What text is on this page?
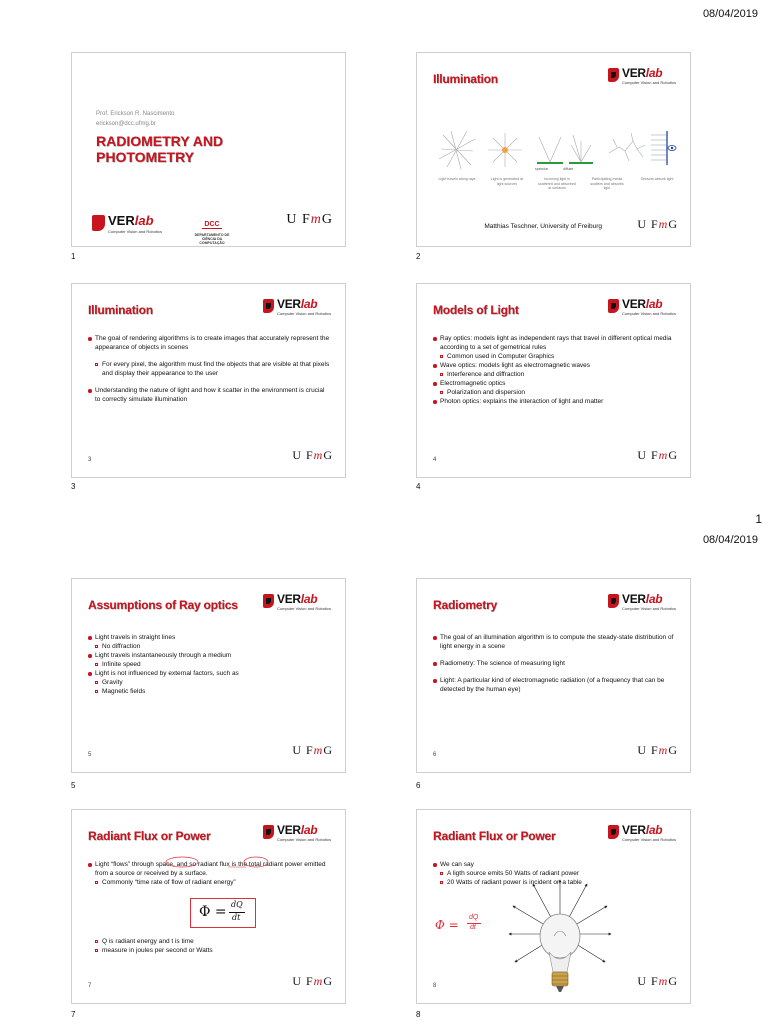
08/04/2019
Prof. Erickson R. Nascimento
erickson@dcc.ufmg.br
RADIOMETRY AND
PHOTOMETRY
VERlab
Computer Vision and Robotics
DCC
DEPARTAMENTO DE
CIÊNCIA DA COMPUTAÇÃO
U FmG
1
Illumination	VERlab
Computer Vision and Robotics
specular	diffuse
Light travels along rays	Light is generated at light sources
Incoming light is scattered and absorbed at surfaces
Participating media scatters and absorbs light
Sensors absorb light
Matthias Teschner, University of Freiburg	U FmG
2
Illumination	VERlab
Computer Vision and Robotics
The goal of rendering algorithms is to create images that accurately represent the appearance of objects in scenes
For every pixel, the algorithm must find the objects that are visible at that pixels and display their appearance to the user
Understanding the nature of light and how it scatter in the environment is crucial to correctly simulate illumination
3	U FmG
3
Models of Light	VERlab
Computer Vision and Robotics
Ray optics: models light as independent rays that travel in different optical media according to a set of gemetrical rules
Common used in Computer Graphics
Wave optics: models light as electromagnetic waves
Interference and diffraction
Electromagnetic optics
Polarization and dispersion
Photon optics: explains the interaction of light and matter
4	U FmG
4
1
08/04/2019
Assumptions of Ray optics	VERlab
Computer Vision and Robotics
Light travels in straight lines
No diffraction
Light travels instantaneously through a medium
Infinite speed
Light is not influenced by external factors, such as
Gravity
Magnetic fields
5	U FmG
5
Radiometry	VERlab
Computer Vision and Robotics
The goal of an illumination algorithm is to compute the steady-state distribution of light energy in a scene
Radiometry: The science of measuring light
Light: A particular kind of electromagnetic radiation (of a frequency that can be detected by the human eye)
6	U FmG
6
Radiant Flux or Power	VERlab
Computer Vision and Robotics
Light “flows” through space, and so radiant flux is the total radiant power emitted from a source or received by a surface.
Commonly “time rate of flow of radiant energy”
Φ = dQ
dt
Q is radiant energy and t is time
measure in joules per second or Watts
7	U FmG
7
Radiant Flux or Power	VERlab
Computer Vision and Robotics
We can say
A ligth source emits 50 Watts of radiant power
20 Watts of radiant power is incident on a table
Φ =
dQ
dt
8	U FmG
8
